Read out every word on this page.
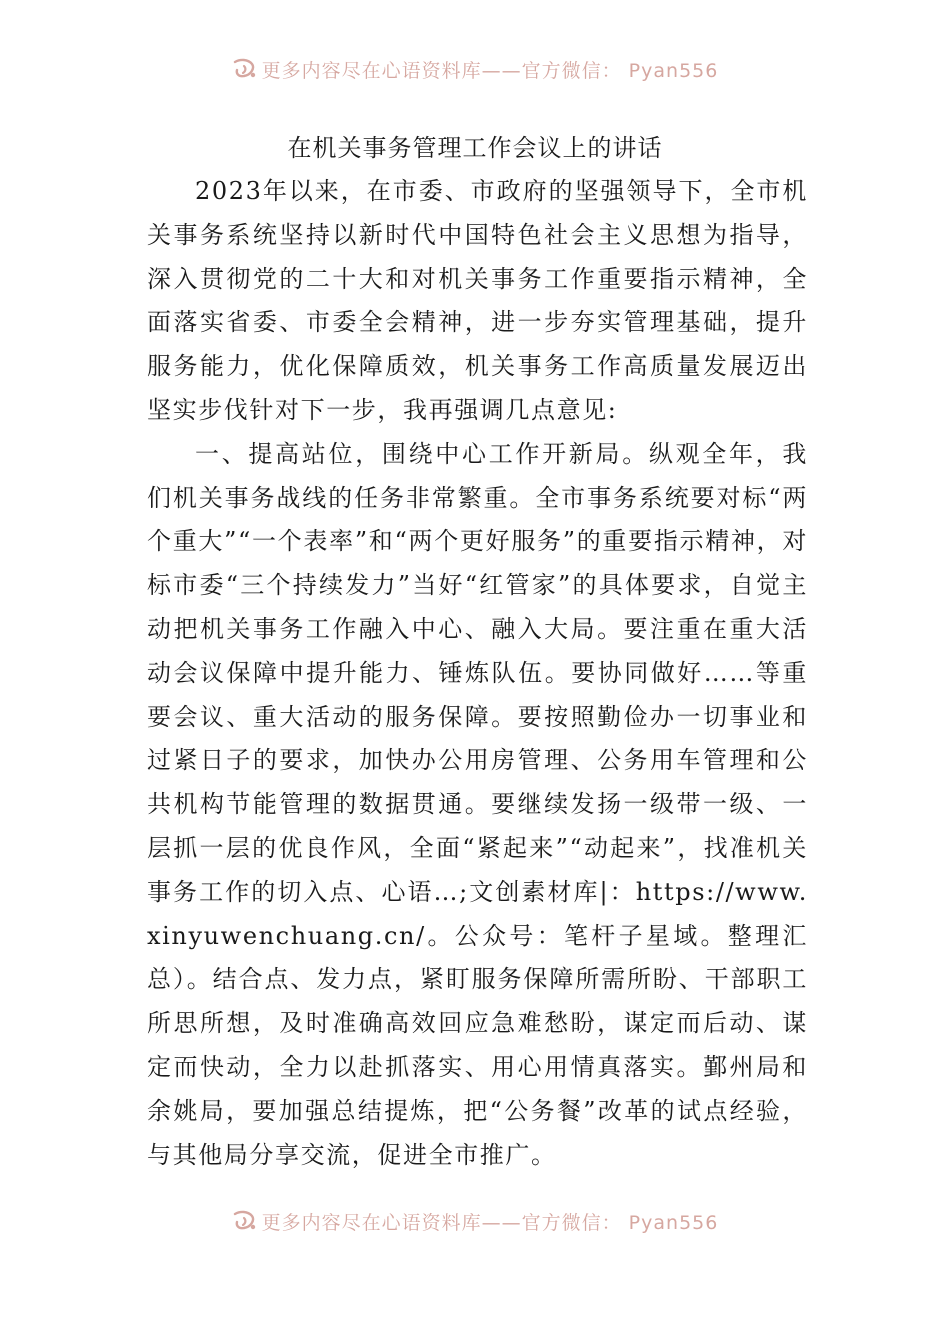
更多内容尽在心语资料库——官方微信： Pyan556
在机关事务管理工作会议上的讲话

2023年以来，在市委、市政府的坚强领导下，全市机关事务系统坚持以新时代中国特色社会主义思想为指导，深入贯彻党的二十大和对机关事务工作重要指示精神，全面落实省委、市委全会精神，进一步夯实管理基础，提升服务能力，优化保障质效，机关事务工作高质量发展迈出坚实步伐针对下一步，我再强调几点意见:

一、提高站位，围绕中心工作开新局。纵观全年，我们机关事务战线的任务非常繁重。全市事务系统要对标“两个重大”“一个表率”和“两个更好服务”的重要指示精神，对标市委“三个持续发力”当好“红管家”的具体要求，自觉主动把机关事务工作融入中心、融入大局。要注重在重大活动会议保障中提升能力、锤炼队伍。要协同做好……等重要会议、重大活动的服务保障。要按照勤俭办一切事业和过紧日子的要求，加快办公用房管理、公务用车管理和公共机构节能管理的数据贯通。要继续发扬一级带一级、一层抓一层的优良作风，全面“紧起来”“动起来”，找准机关事务工作的切入点、心语…;文创素材库|：https://www.xinyuwenchuang.cn/。公众号：笔杆子星域。整理汇总）。结合点、发力点，紧盯服务保障所需所盼、干部职工所思所想，及时准确高效回应急难愁盼，谋定而后动、谋定而快动，全力以赴抓落实、用心用情真落实。鄞州局和余姚局，要加强总结提炼，把“公务餐”改革的试点经验，与其他局分享交流，促进全市推广。

更多内容尽在心语资料库——官方微信： Pyan556
